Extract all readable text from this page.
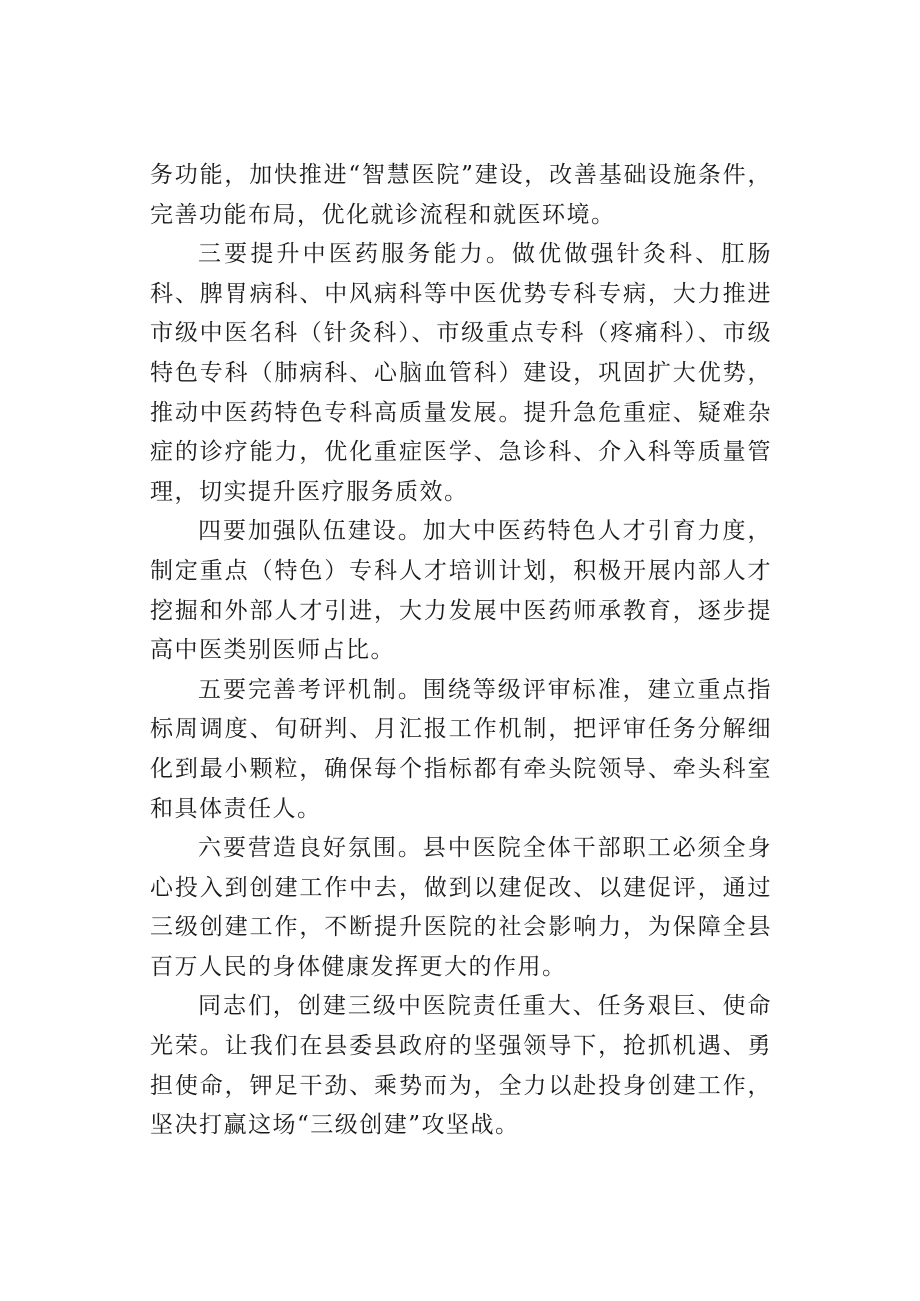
务功能，加快推进“智慧医院”建设，改善基础设施条件，完善功能布局，优化就诊流程和就医环境。

三要提升中医药服务能力。做优做强针灸科、肛肠科、脾胃病科、中风病科等中医优势专科专病，大力推进市级中医名科（针灸科）、市级重点专科（疼痛科）、市级特色专科（肺病科、心脑血管科）建设，巩固扩大优势，推动中医药特色专科高质量发展。提升急危重症、疑难杂症的诊疗能力，优化重症医学、急诊科、介入科等质量管理，切实提升医疗服务质效。

四要加强队伍建设。加大中医药特色人才引育力度，制定重点（特色）专科人才培训计划，积极开展内部人才挖掘和外部人才引进，大力发展中医药师承教育，逐步提高中医类别医师占比。

五要完善考评机制。围绕等级评审标准，建立重点指标周调度、旬研判、月汇报工作机制，把评审任务分解细化到最小颗粒，确保每个指标都有牵头院领导、牵头科室和具体责任人。

六要营造良好氛围。县中医院全体干部职工必须全身心投入到创建工作中去，做到以建促改、以建促评，通过三级创建工作，不断提升医院的社会影响力，为保障全县百万人民的身体健康发挥更大的作用。

同志们，创建三级中医院责任重大、任务艰巨、使命光荣。让我们在县委县政府的坚强领导下，抢抓机遇、勇担使命，钾足干劲、乘势而为，全力以赴投身创建工作，坚决打赢这场“三级创建”攻坚战。
